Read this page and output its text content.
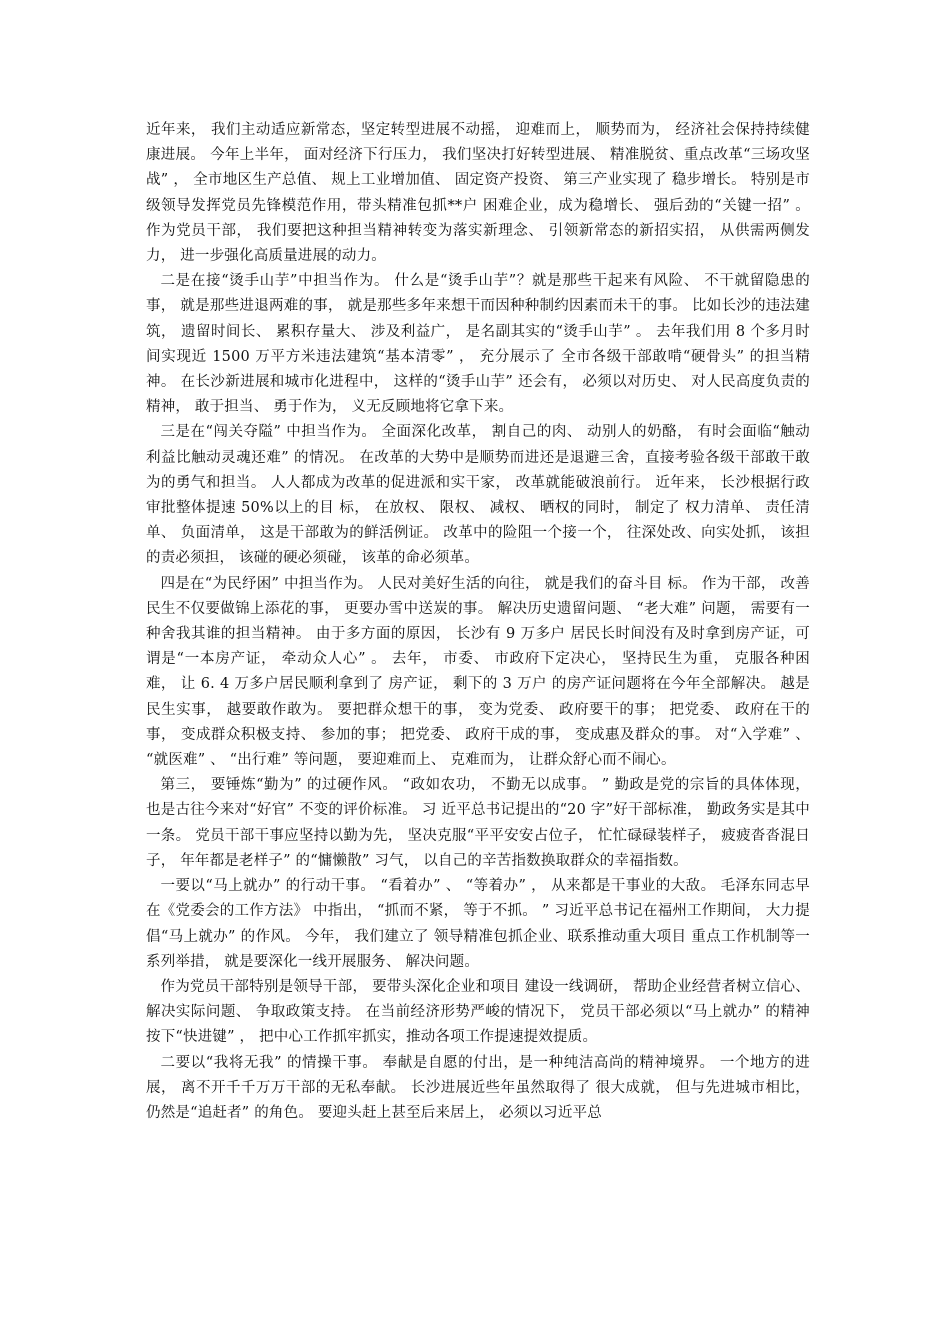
近年来， 我们主动适应新常态，坚定转型进展不动摇， 迎难而上， 顺势而为， 经济社会保持持续健康进展。 今年上半年， 面对经济下行压力， 我们坚决打好转型进展、 精准脱贫、重点改革“三场攻坚战” ， 全市地区生产总值、 规上工业增加值、 固定资产投资、 第三产业实现了 稳步增长。 特别是市级领导发挥党员先锋模范作用，带头精准包抓**户 困难企业，成为稳增长、 强后劲的“关键一招” 。 作为党员干部， 我们要把这种担当精神转变为落实新理念、 引领新常态的新招实招， 从供需两侧发力， 进一步强化高质量进展的动力。

二是在接“烫手山芋”中担当作为。 什么是“烫手山芋”？就是那些干起来有风险、 不干就留隐患的事， 就是那些进退两难的事， 就是那些多年来想干而因种种制约因素而未干的事。 比如长沙的违法建筑， 遗留时间长、 累积存量大、 涉及利益广， 是名副其实的“烫手山芋” 。 去年我们用 8 个多月时间实现近 1500 万平方米违法建筑“基本清零” ， 充分展示了 全市各级干部敢啃“硬骨头” 的担当精神。 在长沙新进展和城市化进程中， 这样的“烫手山芋” 还会有， 必须以对历史、 对人民高度负责的精神， 敢于担当、 勇于作为， 义无反顾地将它拿下来。

三是在“闯关夺隘” 中担当作为。 全面深化改革， 割自己的肉、 动别人的奶酪， 有时会面临“触动利益比触动灵魂还难” 的情况。 在改革的大势中是顺势而进还是退避三舍，直接考验各级干部敢干敢为的勇气和担当。 人人都成为改革的促进派和实干家， 改革就能破浪前行。 近年来， 长沙根据行政审批整体提速 50%以上的目 标， 在放权、 限权、 减权、 晒权的同时， 制定了 权力清单、 责任清单、 负面清单， 这是干部敢为的鲜活例证。 改革中的险阻一个接一个， 往深处改、向实处抓， 该担的责必须担， 该碰的硬必须碰， 该革的命必须革。

四是在“为民纾困” 中担当作为。 人民对美好生活的向往， 就是我们的奋斗目 标。 作为干部， 改善民生不仅要做锦上添花的事， 更要办雪中送炭的事。 解决历史遗留问题、 “老大难” 问题， 需要有一种舍我其谁的担当精神。 由于多方面的原因， 长沙有 9 万多户 居民长时间没有及时拿到房产证，可谓是“一本房产证， 牵动众人心” 。 去年， 市委、 市政府下定决心， 坚持民生为重， 克服各种困难， 让 6. 4 万多户居民顺利拿到了 房产证， 剩下的 3 万户 的房产证问题将在今年全部解决。 越是民生实事， 越要敢作敢为。 要把群众想干的事， 变为党委、 政府要干的事； 把党委、 政府在干的事， 变成群众积极支持、 参加的事； 把党委、 政府干成的事， 变成惠及群众的事。 对“入学难” 、 “就医难” 、 “出行难” 等问题， 要迎难而上、 克难而为， 让群众舒心而不闹心。

第三， 要锤炼“勤为” 的过硬作风。 “政如农功， 不勤无以成事。 ” 勤政是党的宗旨的具体体现， 也是古往今来对“好官” 不变的评价标准。 习 近平总书记提出的“20 字”好干部标准， 勤政务实是其中一条。 党员干部干事应坚持以勤为先， 坚决克服“平平安安占位子， 忙忙碌碌装样子， 疲疲沓沓混日子， 年年都是老样子” 的“慵懒散” 习气， 以自己的辛苦指数换取群众的幸福指数。

一要以“马上就办” 的行动干事。 “看着办” 、 “等着办” ， 从来都是干事业的大敌。 毛泽东同志早在《党委会的工作方法》 中指出， “抓而不紧， 等于不抓。 ” 习近平总书记在福州工作期间， 大力提倡“马上就办” 的作风。 今年， 我们建立了 领导精准包抓企业、联系推动重大项目 重点工作机制等一系列举措， 就是要深化一线开展服务、 解决问题。

作为党员干部特别是领导干部， 要带头深化企业和项目 建设一线调研， 帮助企业经营者树立信心、 解决实际问题、 争取政策支持。 在当前经济形势严峻的情况下， 党员干部必须以“马上就办” 的精神按下“快进键” ， 把中心工作抓牢抓实，推动各项工作提速提效提质。

二要以“我将无我” 的情操干事。 奉献是自愿的付出，是一种纯洁高尚的精神境界。 一个地方的进展， 离不开千千万万干部的无私奉献。 长沙进展近些年虽然取得了 很大成就， 但与先进城市相比， 仍然是“追赶者” 的角色。 要迎头赶上甚至后来居上， 必须以习近平总
